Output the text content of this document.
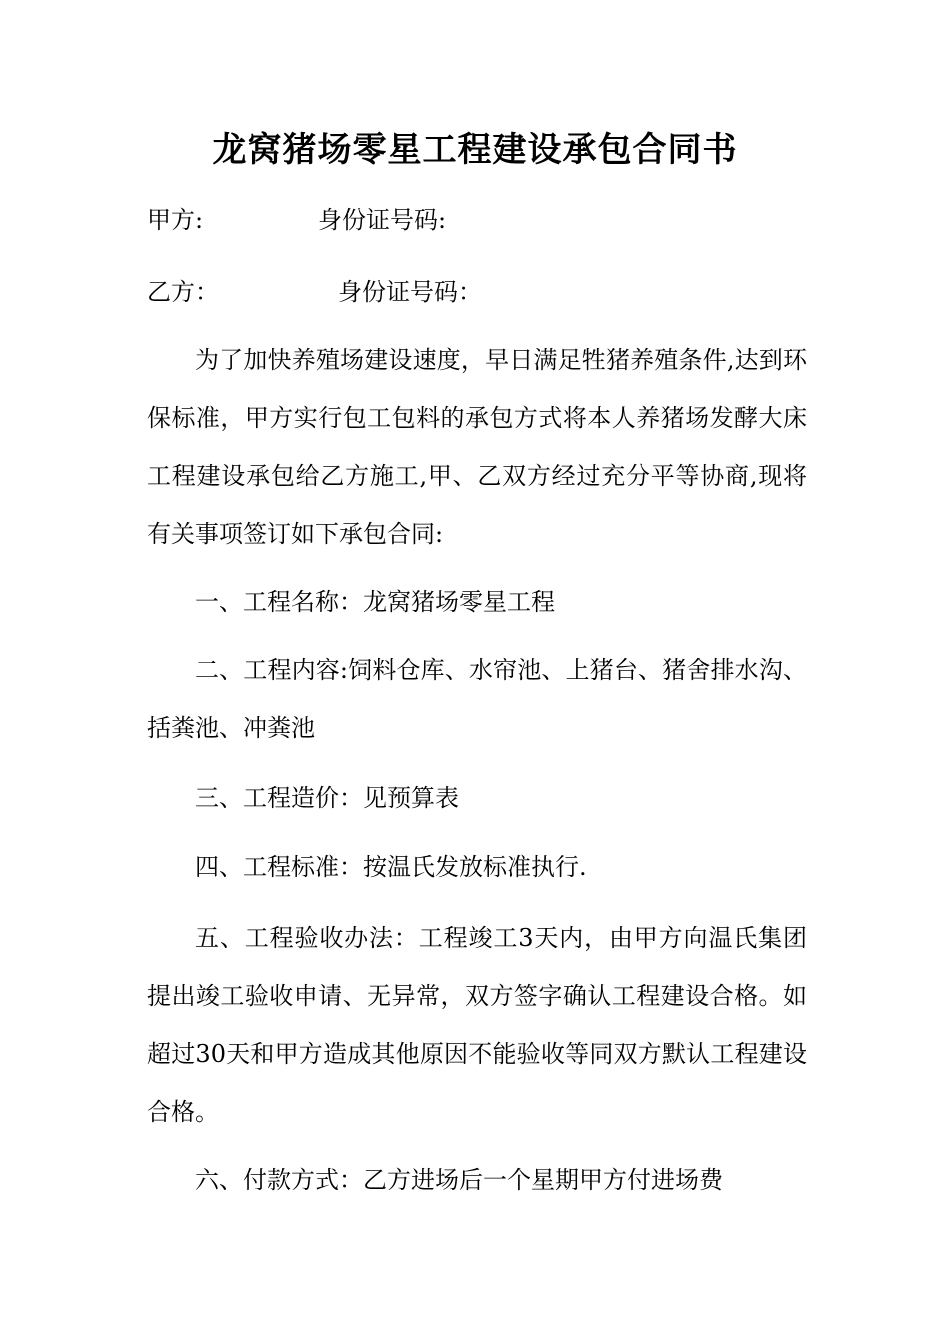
龙窝猪场零星工程建设承包合同书
甲方:	身份证号码:
乙方：	身份证号码：
为了加快养殖场建设速度，早日满足牲猪养殖条件,达到环保标准，甲方实行包工包料的承包方式将本人养猪场发酵大床工程建设承包给乙方施工,甲、乙双方经过充分平等协商,现将有关事项签订如下承包合同:
一、工程名称：龙窝猪场零星工程
二、工程内容:饲料仓库、水帘池、上猪台、猪舍排水沟、括粪池、冲粪池
三、工程造价：见预算表
四、工程标准：按温氏发放标准执行.
五、工程验收办法：工程竣工3天内，由甲方向温氏集团提出竣工验收申请、无异常，双方签字确认工程建设合格。如超过30天和甲方造成其他原因不能验收等同双方默认工程建设合格。
六、付款方式：乙方进场后一个星期甲方付进场费
